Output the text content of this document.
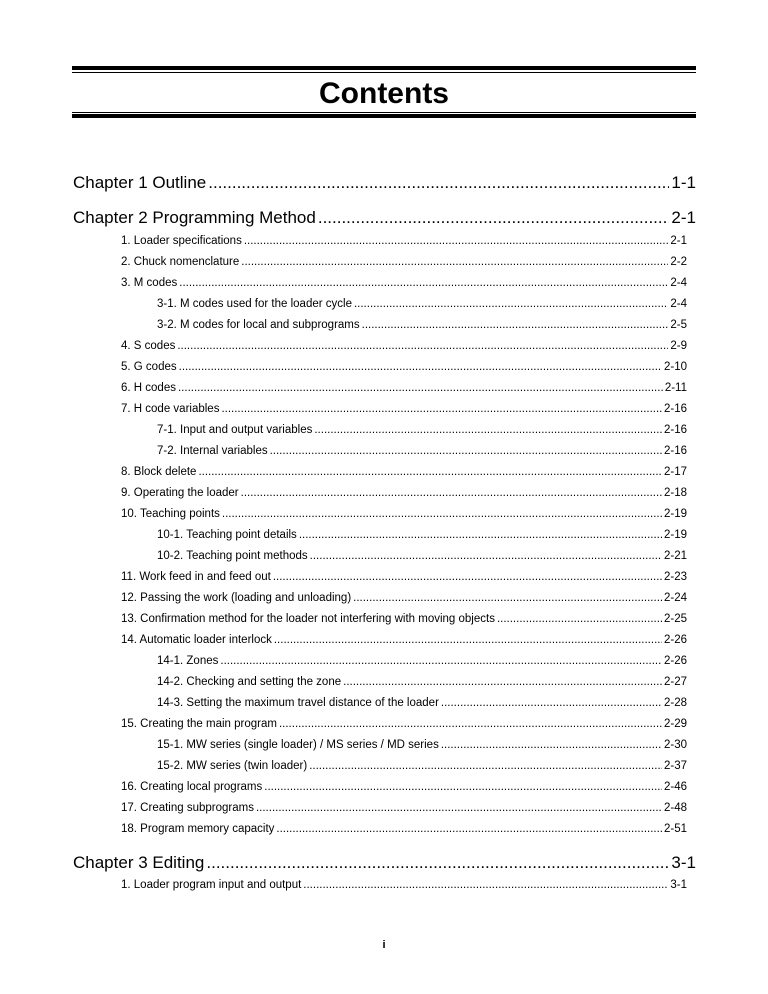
Contents
Chapter 1 Outline .....	1-1
Chapter 2 Programming Method .....	2-1
1. Loader specifications .....	2-1
2. Chuck nomenclature .....	2-2
3. M codes .....	2-4
3-1. M codes used for the loader cycle .....	2-4
3-2. M codes for local and subprograms .....	2-5
4. S codes .....	2-9
5. G codes .....	2-10
6. H codes .....	2-11
7. H code variables .....	2-16
7-1. Input and output variables .....	2-16
7-2. Internal variables .....	2-16
8. Block delete .....	2-17
9. Operating the loader .....	2-18
10. Teaching points .....	2-19
10-1. Teaching point details .....	2-19
10-2. Teaching point methods .....	2-21
11. Work feed in and feed out .....	2-23
12. Passing the work (loading and unloading) .....	2-24
13. Confirmation method for the loader not interfering with moving objects .....	2-25
14. Automatic loader interlock .....	2-26
14-1. Zones .....	2-26
14-2. Checking and setting the zone .....	2-27
14-3. Setting the maximum travel distance of the loader .....	2-28
15. Creating the main program .....	2-29
15-1. MW series (single loader) / MS series / MD series .....	2-30
15-2. MW series (twin loader) .....	2-37
16. Creating local programs .....	2-46
17. Creating subprograms .....	2-48
18. Program memory capacity .....	2-51
Chapter 3 Editing .....	3-1
1. Loader program input and output .....	3-1
i
